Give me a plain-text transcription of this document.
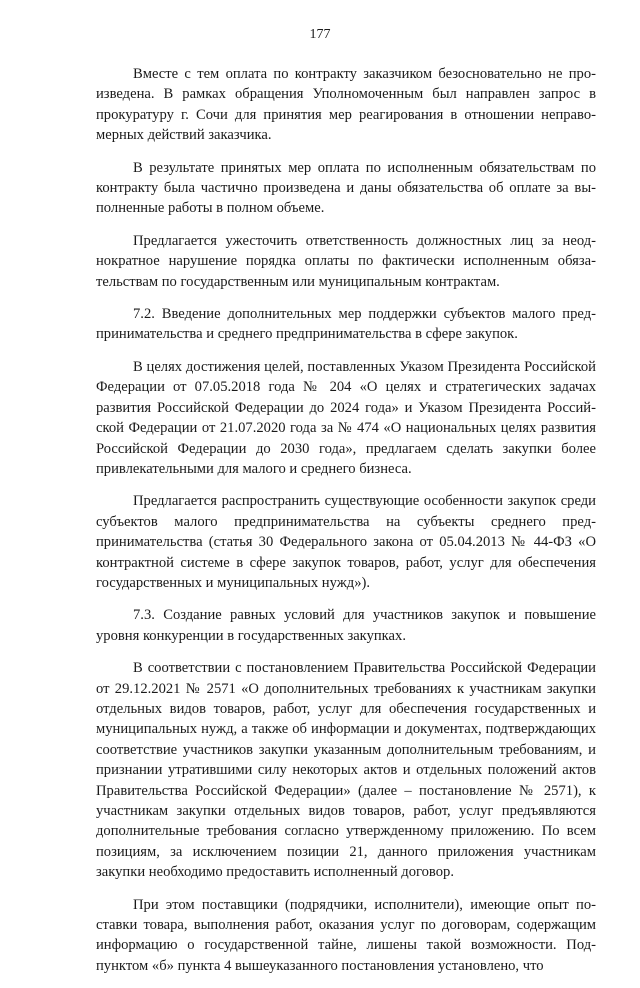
177

Вместе с тем оплата по контракту заказчиком безосновательно не произведена. В рамках обращения Уполномоченным был направлен запрос в прокуратуру г. Сочи для принятия мер реагирования в отношении неправомерных действий заказчика.

В результате принятых мер оплата по исполненным обязательствам по контракту была частично произведена и даны обязательства об оплате за выполненные работы в полном объеме.

Предлагается ужесточить ответственность должностных лиц за неоднократное нарушение порядка оплаты по фактически исполненным обязательствам по государственным или муниципальным контрактам.

7.2. Введение дополнительных мер поддержки субъектов малого предпринимательства и среднего предпринимательства в сфере закупок.

В целях достижения целей, поставленных Указом Президента Российской Федерации от 07.05.2018 года № 204 «О целях и стратегических задачах развития Российской Федерации до 2024 года» и Указом Президента Российской Федерации от 21.07.2020 года за № 474 «О национальных целях развития Российской Федерации до 2030 года», предлагаем сделать закупки более привлекательными для малого и среднего бизнеса.

Предлагается распространить существующие особенности закупок среди субъектов малого предпринимательства на субъекты среднего предпринимательства (статья 30 Федерального закона от 05.04.2013 № 44-ФЗ «О контрактной системе в сфере закупок товаров, работ, услуг для обеспечения государственных и муниципальных нужд»).

7.3. Создание равных условий для участников закупок и повышение уровня конкуренции в государственных закупках.

В соответствии с постановлением Правительства Российской Федерации от 29.12.2021 № 2571 «О дополнительных требованиях к участникам закупки отдельных видов товаров, работ, услуг для обеспечения государственных и муниципальных нужд, а также об информации и документах, подтверждающих соответствие участников закупки указанным дополнительным требованиям, и признании утратившими силу некоторых актов и отдельных положений актов Правительства Российской Федерации» (далее – постановление № 2571), к участникам закупки отдельных видов товаров, работ, услуг предъявляются дополнительные требования согласно утвержденному приложению. По всем позициям, за исключением позиции 21, данного приложения участникам закупки необходимо предоставить исполненный договор.

При этом поставщики (подрядчики, исполнители), имеющие опыт поставки товара, выполнения работ, оказания услуг по договорам, содержащим информацию о государственной тайне, лишены такой возможности. Подпунктом «б» пункта 4 вышеуказанного постановления установлено, что
